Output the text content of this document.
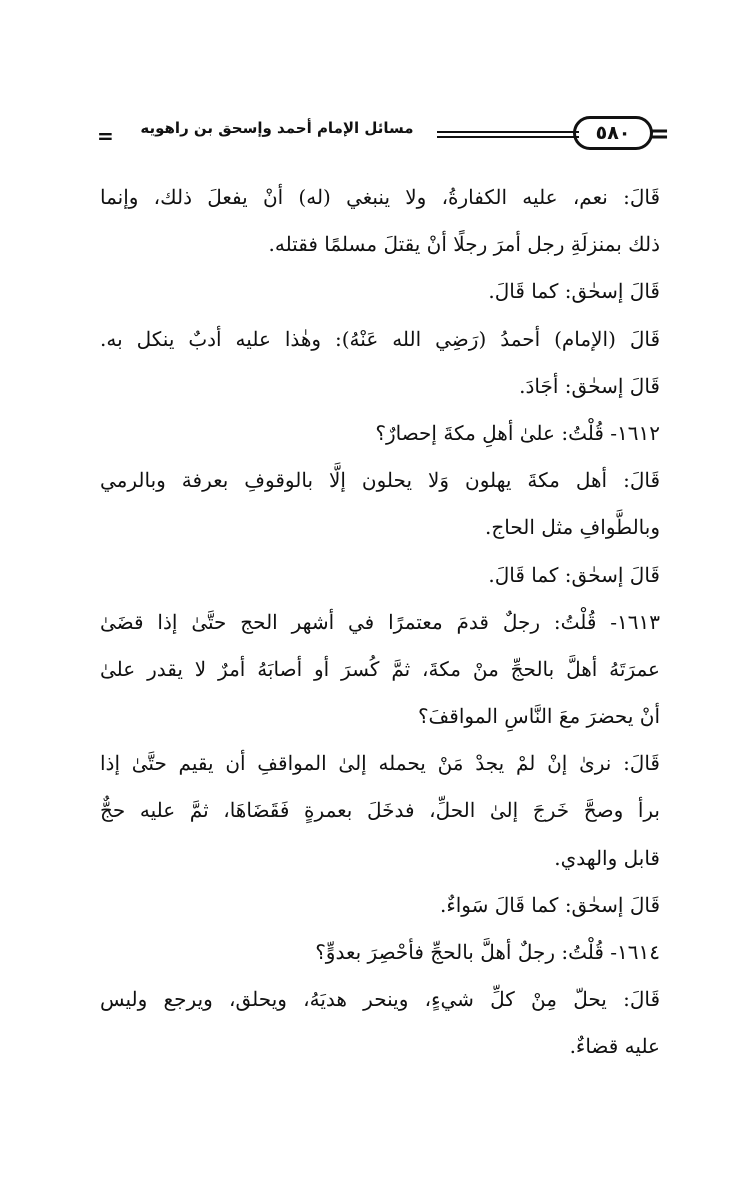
=	مسائل الإمام أحمد وإسحق بن راهويه	٥٨٠ =
قَالَ: نعم، عليه الكفارةُ، ولا ينبغي (له) أنْ يفعلَ ذلك، وإنما
ذلك بمنزلَةِ رجل أمرَ رجلًا أنْ يقتلَ مسلمًا فقتله.
قَالَ إسحٰق: كما قَالَ.
قَالَ (الإمام) أحمدُ (رَضِي الله عَنْهُ): وهٰذا عليه أدبٌ ينكل به.
قَالَ إسحٰق: أجَادَ.
١٦١٢- قُلْتُ: علىٰ أهلِ مكةَ إحصارٌ؟
قَالَ: أهل مكةَ يهلون وَلا يحلون إلَّا بالوقوفِ بعرفة وبالرمي
وبالطَّوافِ مثل الحاج.
قَالَ إسحٰق: كما قَالَ.
١٦١٣- قُلْتُ: رجلٌ قدمَ معتمرًا في أشهر الحج حتَّىٰ إذا قضَىٰ
عمرَتَهُ أهلَّ بالحجِّ منْ مكةَ، ثمَّ كُسرَ أو أصابَهُ أمرٌ لا يقدر علىٰ
أنْ يحضرَ معَ النَّاسِ المواقفَ؟
قَالَ: نرىٰ إنْ لمْ يجدْ مَنْ يحمله إلىٰ المواقفِ أن يقيم حتَّىٰ إذا
برأ وصحَّ خَرجَ إلىٰ الحلِّ، فدخَلَ بعمرةٍ فَقَضَاهَا، ثمَّ عليه حجٌّ
قابل والهدي.
قَالَ إسحٰق: كما قَالَ سَواءٌ.
١٦١٤- قُلْتُ: رجلٌ أهلَّ بالحجِّ فأحْصِرَ بعدوٍّ؟
قَالَ: يحلّ مِنْ كلِّ شيءٍ، وينحر هديَهُ، ويحلق، ويرجع وليس
عليه قضاءٌ.
